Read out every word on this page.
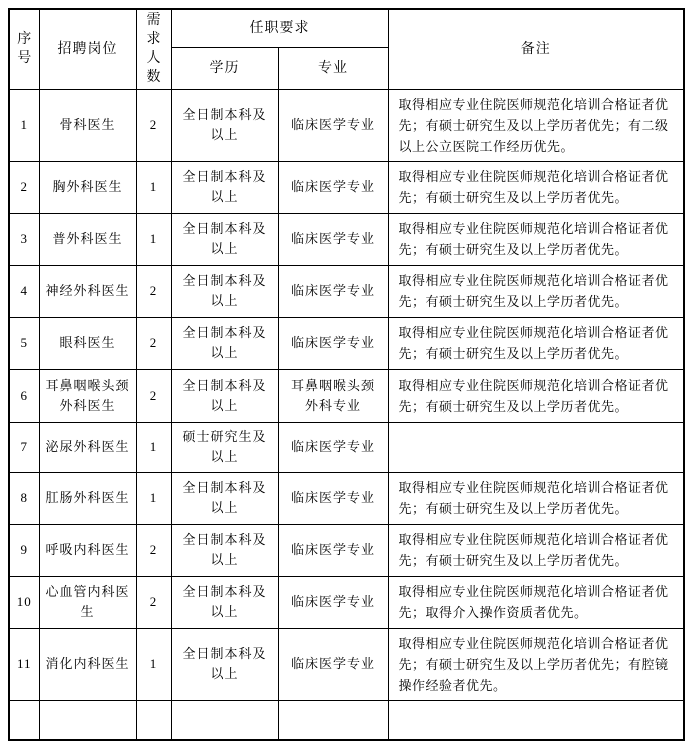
序号	招聘岗位	需求人数	任职要求		备注
			学历	专业	
1	骨科医生	2	全日制本科及以上	临床医学专业	取得相应专业住院医师规范化培训合格证者优先；有硕士研究生及以上学历者优先；有二级以上公立医院工作经历优先。
2	胸外科医生	1	全日制本科及以上	临床医学专业	取得相应专业住院医师规范化培训合格证者优先；有硕士研究生及以上学历者优先。
3	普外科医生	1	全日制本科及以上	临床医学专业	取得相应专业住院医师规范化培训合格证者优先；有硕士研究生及以上学历者优先。
4	神经外科医生	2	全日制本科及以上	临床医学专业	取得相应专业住院医师规范化培训合格证者优先；有硕士研究生及以上学历者优先。
5	眼科医生	2	全日制本科及以上	临床医学专业	取得相应专业住院医师规范化培训合格证者优先；有硕士研究生及以上学历者优先。
6	耳鼻咽喉头颈外科医生	2	全日制本科及以上	耳鼻咽喉头颈外科专业	取得相应专业住院医师规范化培训合格证者优先；有硕士研究生及以上学历者优先。
7	泌尿外科医生	1	硕士研究生及以上	临床医学专业	
8	肛肠外科医生	1	全日制本科及以上	临床医学专业	取得相应专业住院医师规范化培训合格证者优先；有硕士研究生及以上学历者优先。
9	呼吸内科医生	2	全日制本科及以上	临床医学专业	取得相应专业住院医师规范化培训合格证者优先；有硕士研究生及以上学历者优先。
10	心血管内科医生	2	全日制本科及以上	临床医学专业	取得相应专业住院医师规范化培训合格证者优先；取得介入操作资质者优先。
11	消化内科医生	1	全日制本科及以上	临床医学专业	取得相应专业住院医师规范化培训合格证者优先；有硕士研究生及以上学历者优先；有腔镜操作经验者优先。
